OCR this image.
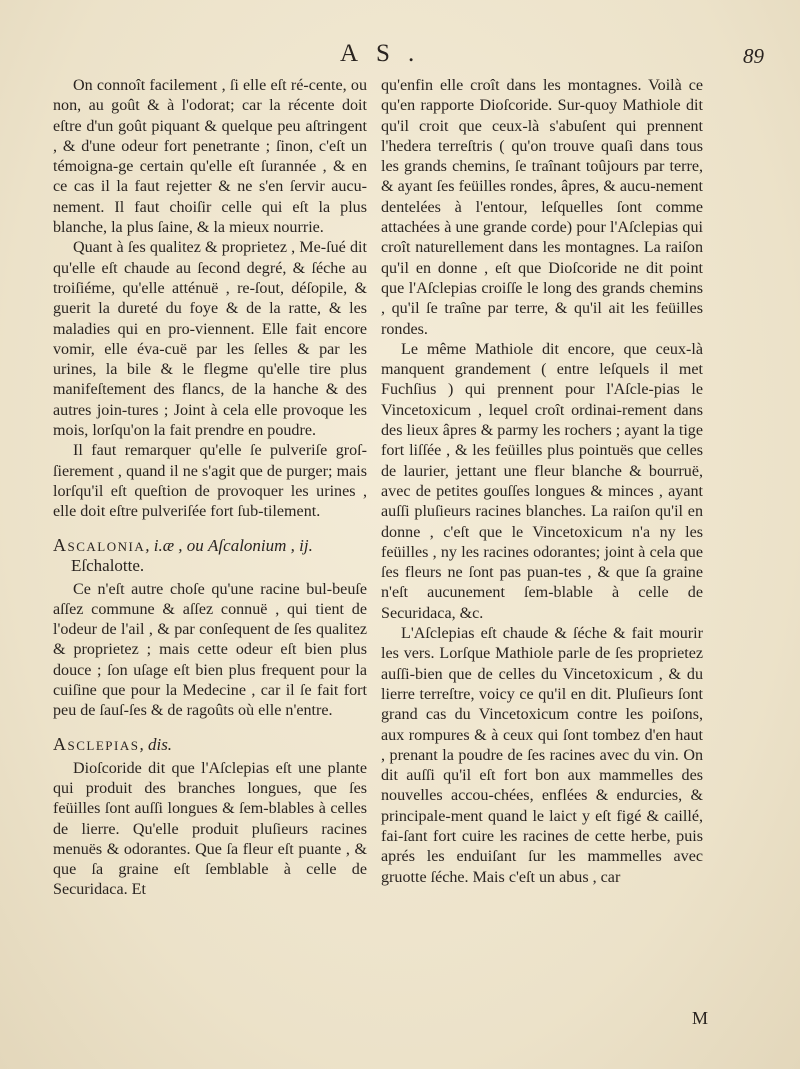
AS.	89

On connoît facilement , ſi elle eſt ré-cente, ou non, au goût & à l'odorat; car la récente doit eſtre d'un goût piquant & quelque peu aſtringent , & d'une odeur fort penetrante ; ſinon, c'eſt un témoigna-ge certain qu'elle eſt ſurannée , & en ce cas il la faut rejetter & ne s'en ſervir aucu-nement. Il faut choiſir celle qui eſt la plus blanche, la plus ſaine, & la mieux nourrie.

Quant à ſes qualitez & proprietez , Me-ſué dit qu'elle eſt chaude au ſecond degré, & ſéche au troiſiéme, qu'elle atténuë , re-ſout, déſopile, & guerit la dureté du foye & de la ratte, & les maladies qui en pro-viennent. Elle fait encore vomir, elle éva-cuë par les ſelles & par les urines, la bile & le flegme qu'elle tire plus manifeſtement des flancs, de la hanche & des autres join-tures ; Joint à cela elle provoque les mois, lorſqu'on la fait prendre en poudre.

Il faut remarquer qu'elle ſe pulveriſe groſ-ſierement , quand il ne s'agit que de purger; mais lorſqu'il eſt queſtion de provoquer les urines , elle doit eſtre pulveriſée fort ſub-tilement.

Ascalonia, i.æ , ou Aſcalonium , ij.
Eſchalotte.

Ce n'eſt autre choſe qu'une racine bul-beuſe aſſez commune & aſſez connuë , qui tient de l'odeur de l'ail , & par conſequent de ſes qualitez & proprietez ; mais cette odeur eſt bien plus douce ; ſon uſage eſt bien plus frequent pour la cuiſine que pour la Medecine , car il ſe fait fort peu de ſauſ-ſes & de ragoûts où elle n'entre.

Asclepias, dis.

Dioſcoride dit que l'Aſclepias eſt une plante qui produit des branches longues, que ſes feüilles ſont auſſi longues & ſem-blables à celles de lierre. Qu'elle produit pluſieurs racines menuës & odorantes. Que ſa fleur eſt puante , & que ſa graine eſt ſemblable à celle de Securidaca. Et

qu'enfin elle croît dans les montagnes. Voilà ce qu'en rapporte Dioſcoride. Sur-quoy Mathiole dit qu'il croit que ceux-là s'abuſent qui prennent l'hedera terreſtris ( qu'on trouve quaſi dans tous les grands chemins, ſe traînant toûjours par terre, & ayant ſes feüilles rondes, âpres, & aucu-nement dentelées à l'entour, leſquelles ſont comme attachées à une grande corde) pour l'Aſclepias qui croît naturellement dans les montagnes. La raiſon qu'il en donne , eſt que Dioſcoride ne dit point que l'Aſclepias croiſſe le long des grands chemins , qu'il ſe traîne par terre, & qu'il ait les feüilles rondes.

Le même Mathiole dit encore, que ceux-là manquent grandement ( entre leſquels il met Fuchſius ) qui prennent pour l'Aſcle-pias le Vincetoxicum , lequel croît ordinai-rement dans des lieux âpres & parmy les rochers ; ayant la tige fort liſſée , & les feüilles plus pointuës que celles de laurier, jettant une fleur blanche & bourruë, avec de petites gouſſes longues & minces , ayant auſſi pluſieurs racines blanches. La raiſon qu'il en donne , c'eſt que le Vincetoxicum n'a ny les feüilles , ny les racines odorantes; joint à cela que ſes fleurs ne ſont pas puan-tes , & que ſa graine n'eſt aucunement ſem-blable à celle de Securidaca, &c.

L'Aſclepias eſt chaude & ſéche & fait mourir les vers. Lorſque Mathiole parle de ſes proprietez auſſi-bien que de celles du Vincetoxicum , & du lierre terreſtre, voicy ce qu'il en dit. Pluſieurs ſont grand cas du Vincetoxicum contre les poiſons, aux rompures & à ceux qui ſont tombez d'en haut , prenant la poudre de ſes racines avec du vin. On dit auſſi qu'il eſt fort bon aux mammelles des nouvelles accou-chées, enflées & endurcies, & principale-ment quand le laict y eſt figé & caillé, fai-ſant fort cuire les racines de cette herbe, puis aprés les enduiſant ſur les mammelles avec gruotte ſéche. Mais c'eſt un abus , car

M
